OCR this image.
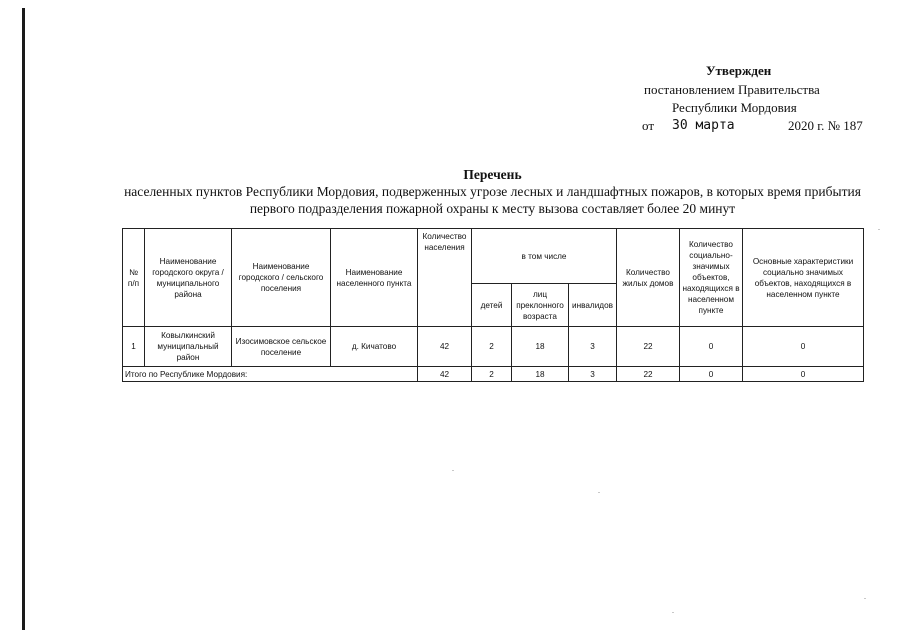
Утвержден
постановлением Правительства
Республики Мордовия
от 30 марта	2020 г. № 187
Перечень
населенных пунктов Республики Мордовия, подверженных угрозе лесных и ландшафтных пожаров, в которых время прибытия первого подразделения пожарной охраны к месту вызова составляет более 20 минут
№ п/п	Наименование городского округа / муниципального района	Наименование городского / сельского поселения	Наименование населенного пункта	Количество населения	в том числе			Количество жилых домов	Количество социально-значимых объектов, находящихся в населенном пункте	Основные характеристики социально значимых объектов, находящихся в населенном пункте
					детей	лиц преклонного возраста	инвалидов			
1	Ковылкинский муниципальный район	Изосимовское сельское поселение	д. Кичатово	42	2	18	3	22	0	0
Итого по Республике Мордовия:				42	2	18	3	22	0	0
